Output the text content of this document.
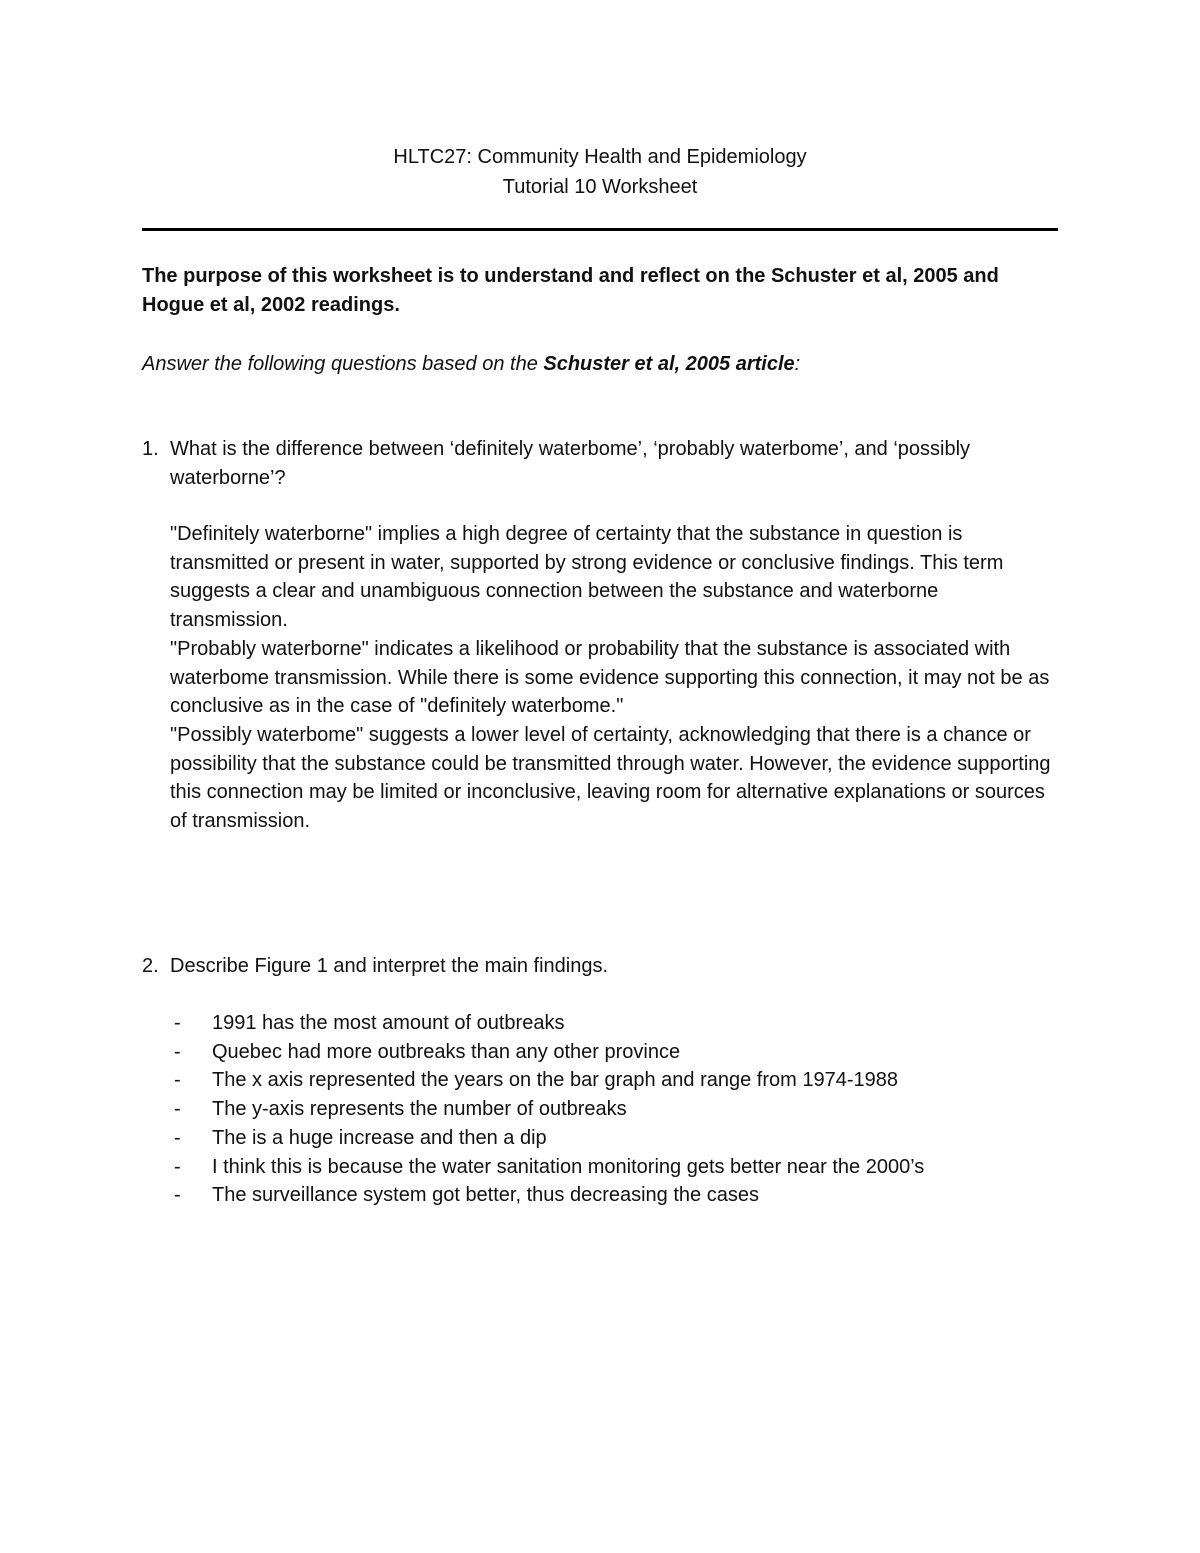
HLTC27: Community Health and Epidemiology
Tutorial 10 Worksheet
The purpose of this worksheet is to understand and reflect on the Schuster et al, 2005 and Hogue et al, 2002 readings.
Answer the following questions based on the Schuster et al, 2005 article:
1. What is the difference between ‘definitely waterbome’, ‘probably waterbome’, and ‘possibly waterborne’?

"Definitely waterborne" implies a high degree of certainty that the substance in question is transmitted or present in water, supported by strong evidence or conclusive findings. This term suggests a clear and unambiguous connection between the substance and waterborne transmission.

"Probably waterborne" indicates a likelihood or probability that the substance is associated with waterbome transmission. While there is some evidence supporting this connection, it may not be as conclusive as in the case of "definitely waterbome."

"Possibly waterbome" suggests a lower level of certainty, acknowledging that there is a chance or possibility that the substance could be transmitted through water. However, the evidence supporting this connection may be limited or inconclusive, leaving room for alternative explanations or sources of transmission.

2. Describe Figure 1 and interpret the main findings.
- 1991 has the most amount of outbreaks
- Quebec had more outbreaks than any other province
- The x axis represented the years on the bar graph and range from 1974-1988
- The y-axis represents the number of outbreaks
- The is a huge increase and then a dip
- I think this is because the water sanitation monitoring gets better near the 2000’s
- The surveillance system got better, thus decreasing the cases
